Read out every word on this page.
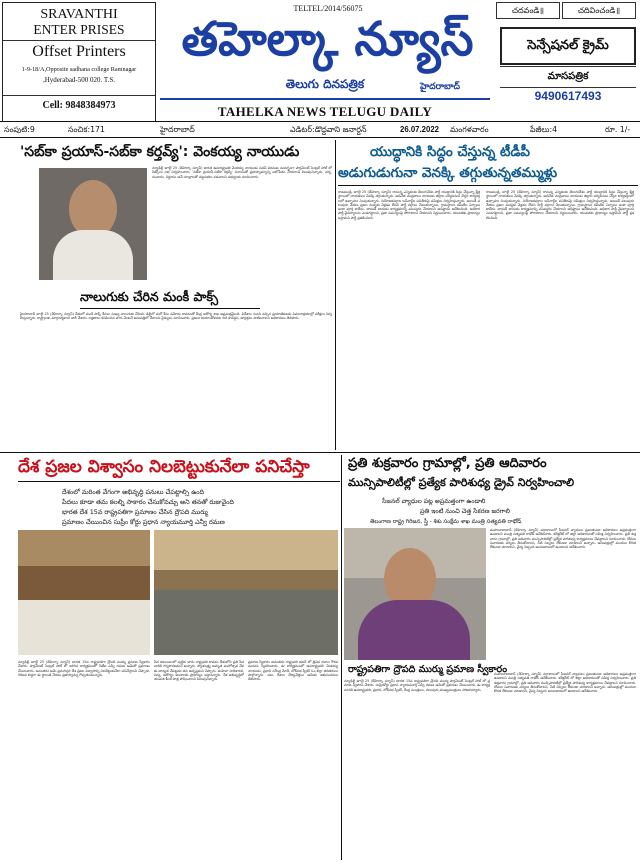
SRAVANTHI
ENTER PRISES
Offset Printers
1-9-18/A,Opposite sadhana college Ramnagar
,Hyderabad-500 020. T.S.
Cell: 9848384973
TELTEL/2014/56075
తహెల్కా న్యూస్
తెలుగు దినపత్రిక	హైదరాబాద్
TAHELKA NEWS TELUGU DAILY
చదవండి॥	చదివించండి॥
సెన్సేషనల్ క్రైమ్
మాసపత్రిక
9490617493
సంపుటి:9	సంచిక:171	హైదరాబాద్	ఎడిటర్:డొద్దవాని జనార్దన్	26.07.2022 మంగళవారం	పేజీలు:4	రూ. 1/-
'సబ్‌కా ప్రయాస్-సబ్‌కా కర్తవ్య్': వెంకయ్య నాయుడు
న్యూఢిల్లీ జూలై 25 (తెహెల్కా న్యూస్) భారత ఉపరాష్ట్రపతి వెంకయ్య నాయుడు పదవీ విరమణ సందర్భంగా పార్లమెంట్ సెంట్రల్ హాల్ లో వీడ్కోలు సభ నిర్వహించారు. 'సబ్‌కా ప్రయాస్-సబ్‌కా కర్తవ్య్' నినాదంతో ప్రజాస్వామ్యాన్ని బలోపేతం చేయాలని పిలుపునిచ్చారు. చర్చ, సంవాదం, నిర్ణయం అనే సూత్రాలతో చట్టసభలు నడవాలని సభ్యులకు సూచించారు.
నాలుగుకు చేరిన మంకీ పాక్స్
హైదరాబాద్ జూలై 25 (తెహెల్కా న్యూస్) దేశంలో మంకీ పాక్స్ కేసుల సంఖ్య నాలుగుకు చేరింది. ఢిల్లీలో మరో కేసు నమోదు కావడంతో కేంద్ర ఆరోగ్య శాఖ అప్రమత్తమైంది. విదేశాల నుంచి వచ్చిన ప్రయాణికులకు విమానాశ్రయాల్లో పరీక్షలు నిర్వహిస్తున్నారు. రాష్ట్రాలకు మార్గదర్శకాలు జారీ చేశారు. లక్షణాలు కనిపించిన వారు వెంటనే ఆసుపత్రిలో చేరాలని వైద్యులు సూచించారు. ప్రజలు భయాందోళనకు గురి కావద్దని, జాగ్రత్తలు పాటించాలని అధికారులు తెలిపారు.
యుద్ధానికి సిద్ధం చేస్తున్న టీడీపీ
అడుగుడుగునా వెనక్కి తగ్గుతున్నతమ్ముళ్లు
రాజమండ్రి, జూలై 25 (తెహెల్కా న్యూస్) రానున్న ఎన్నికలకు తెలుగుదేశం పార్టీ యుద్ధానికి సిద్ధం చేస్తున్నా క్షేత్రస్థాయిలో నాయకులు వెనక్కి తగ్గుతున్నారు. అధినేత చంద్రబాబు నాయుడు జిల్లాల పర్యటనలు చేస్తూ కార్యకర్తలలో ఉత్సాహం నింపుతున్నారు. నియోజకవర్గాల ఇన్‌చార్జ్‌ల పనితీరుపై సమీక్షలు నిర్వహిస్తున్నారు. అయితే పలువురు నేతలు ప్రజల మధ్యకు వెళ్లడం లేదని పార్టీ వర్గాలు చెబుతున్నాయి. గ్రామస్థాయి కమిటీల ఏర్పాటు ఇంకా పూర్తి కాలేదు. బాదుడే బాదుడు కార్యక్రమాన్ని ముమ్మరం చేయాలని అధిష్టానం ఆదేశించింది. అధికార పార్టీ వైఫల్యాలను ఎండగట్టాలని, ప్రజా సమస్యలపై పోరాటాలు చేయాలని నిర్ణయించారు. యువతకు ప్రాధాన్యం ఇస్తామని పార్టీ ప్రకటించింది.
రాజమండ్రి, జూలై 25 (తెహెల్కా న్యూస్) రానున్న ఎన్నికలకు తెలుగుదేశం పార్టీ యుద్ధానికి సిద్ధం చేస్తున్నా క్షేత్రస్థాయిలో నాయకులు వెనక్కి తగ్గుతున్నారు. అధినేత చంద్రబాబు నాయుడు జిల్లాల పర్యటనలు చేస్తూ కార్యకర్తలలో ఉత్సాహం నింపుతున్నారు. నియోజకవర్గాల ఇన్‌చార్జ్‌ల పనితీరుపై సమీక్షలు నిర్వహిస్తున్నారు. అయితే పలువురు నేతలు ప్రజల మధ్యకు వెళ్లడం లేదని పార్టీ వర్గాలు చెబుతున్నాయి. గ్రామస్థాయి కమిటీల ఏర్పాటు ఇంకా పూర్తి కాలేదు. బాదుడే బాదుడు కార్యక్రమాన్ని ముమ్మరం చేయాలని అధిష్టానం ఆదేశించింది. అధికార పార్టీ వైఫల్యాలను ఎండగట్టాలని, ప్రజా సమస్యలపై పోరాటాలు చేయాలని నిర్ణయించారు. యువతకు ప్రాధాన్యం ఇస్తామని పార్టీ ప్రకటించింది.
ప్రతి శుక్రవారం గ్రామాల్లో, ప్రతి ఆదివారం
మున్సిపాలిటీల్లో ప్రత్యేక పారిశుధ్య డ్రైవ్ నిర్వహించాలి
సీజనల్ వ్యాధుల పట్ల అప్రమత్తంగా ఉండాలి
ప్రతి ఇంటి నుంచి చెత్త సేకరణ జరగాలి
తెలంగాణ రాష్ట్ర గిరిజన, స్త్రీ - శిశు సంక్షేమ శాఖ మంత్రి సత్యవతి రాథోడ్
మహబూబాబాద్ (తెహెల్కా న్యూస్) వర్షాకాలంలో సీజనల్ వ్యాధులు ప్రబలకుండా అధికారులు అప్రమత్తంగా ఉండాలని మంత్రి సత్యవతి రాథోడ్ ఆదేశించారు. కలెక్టరేట్ లో జిల్లా అధికారులతో సమీక్ష నిర్వహించారు. ప్రతి శుక్రవారం గ్రామాల్లో, ప్రతి ఆదివారం మున్సిపాలిటీల్లో ప్రత్యేక పారిశుధ్య కార్యక్రమాలు చేపట్టాలని సూచించారు. దోమల నివారణకు చర్యలు తీసుకోవాలని, నీటి నిల్వలు లేకుండా చూడాలని అన్నారు. ఆసుపత్రుల్లో మందుల కొరత లేకుండా చూడాలని, వైద్య సిబ్బంది అందుబాటులో ఉండాలని ఆదేశించారు.
రాష్ట్రపతిగా ద్రౌపది ముర్ము ప్రమాణ స్వీకారం
న్యూఢిల్లీ జూలై 25 (తెహెల్కా న్యూస్) భారత 15వ రాష్ట్రపతిగా ద్రౌపది ముర్ము పార్లమెంట్ సెంట్రల్ హాల్ లో ప్రమాణ స్వీకారం చేశారు. సుప్రీంకోర్టు ప్రధాన న్యాయమూర్తి ఎన్వీ రమణ ఆమెతో ప్రమాణం చేయించారు. ఈ కార్యక్రమానికి ఉపరాష్ట్రపతి, ప్రధాని, లోక్‌సభ స్పీకర్, కేంద్ర మంత్రులు, పలువురు ముఖ్యమంత్రులు హాజరయ్యారు.
మహబూబాబాద్ (తెహెల్కా న్యూస్) వర్షాకాలంలో సీజనల్ వ్యాధులు ప్రబలకుండా అధికారులు అప్రమత్తంగా ఉండాలని మంత్రి సత్యవతి రాథోడ్ ఆదేశించారు. కలెక్టరేట్ లో జిల్లా అధికారులతో సమీక్ష నిర్వహించారు. ప్రతి శుక్రవారం గ్రామాల్లో, ప్రతి ఆదివారం మున్సిపాలిటీల్లో ప్రత్యేక పారిశుధ్య కార్యక్రమాలు చేపట్టాలని సూచించారు. దోమల నివారణకు చర్యలు తీసుకోవాలని, నీటి నిల్వలు లేకుండా చూడాలని అన్నారు. ఆసుపత్రుల్లో మందుల కొరత లేకుండా చూడాలని, వైద్య సిబ్బంది అందుబాటులో ఉండాలని ఆదేశించారు.
దేశ ప్రజల విశ్వాసం నిలబెట్టుకునేలా పనిచేస్తా
దేశంలో మరింత వేగంగా అభివృద్ధి పనులు చేపట్టాల్సి ఉంది
పేదలు కూడా తమ కలల్ని సాకారం చేసుకోవచ్చు అని తనతో రుజువైంది
భారత దేశ 15వ రాష్ట్రపతిగా ప్రమాణం చేసిన ద్రౌపది ముర్ము
ప్రమాణం చేయించిన సుప్రీం కోర్టు ప్రధాన న్యాయమూర్తి ఎన్వీ రమణ
న్యూఢిల్లీ జూలై 25 (తెహెల్కా న్యూస్) భారత 15వ రాష్ట్రపతిగా ద్రౌపది ముర్ము ప్రమాణ స్వీకారం చేశారు. పార్లమెంట్ సెంట్రల్ హాల్ లో జరిగిన కార్యక్రమంలో సీజేఐ ఎన్వీ రమణ ఆమెతో ప్రమాణం చేయించారు. అనంతరం ఆమె ప్రసంగిస్తూ దేశ ప్రజల విశ్వాసాన్ని నిలబెట్టుకునేలా పనిచేస్తానని చెప్పారు. గిరిజన బిడ్డగా ఈ స్థాయికి చేరడం ప్రజాస్వామ్య గొప్పతనమన్నారు.
పేద కుటుంబంలో పుట్టిన తాను రాష్ట్రపతి కావడం దేశంలోని ప్రతి పేదవాడికి గర్వకారణమని అన్నారు. స్వాతంత్ర్య అమృత మహోత్సవ వేళ ఈ బాధ్యత చేపట్టడం తన అదృష్టమని చెప్పారు. మహిళా సాధికారత, విద్య, ఆరోగ్యం అంశాలకు ప్రాధాన్యం ఇస్తానన్నారు. దేశ అభివృద్ధిలో యువత కీలక పాత్ర పోషించాలని పిలుపునిచ్చారు.
ప్రమాణ స్వీకారం అనంతరం రాష్ట్రపతి భవన్ లో త్రివిధ దళాల గౌరవ వందనం స్వీకరించారు. ఈ కార్యక్రమంలో ఉపరాష్ట్రపతి వెంకయ్య నాయుడు, ప్రధాని నరేంద్ర మోదీ, లోక్‌సభ స్పీకర్ ఓం బిర్లా తదితరులు పాల్గొన్నారు. పలు దేశాల దౌత్యవేత్తలు ఆమెకు అభినందనలు తెలిపారు.
